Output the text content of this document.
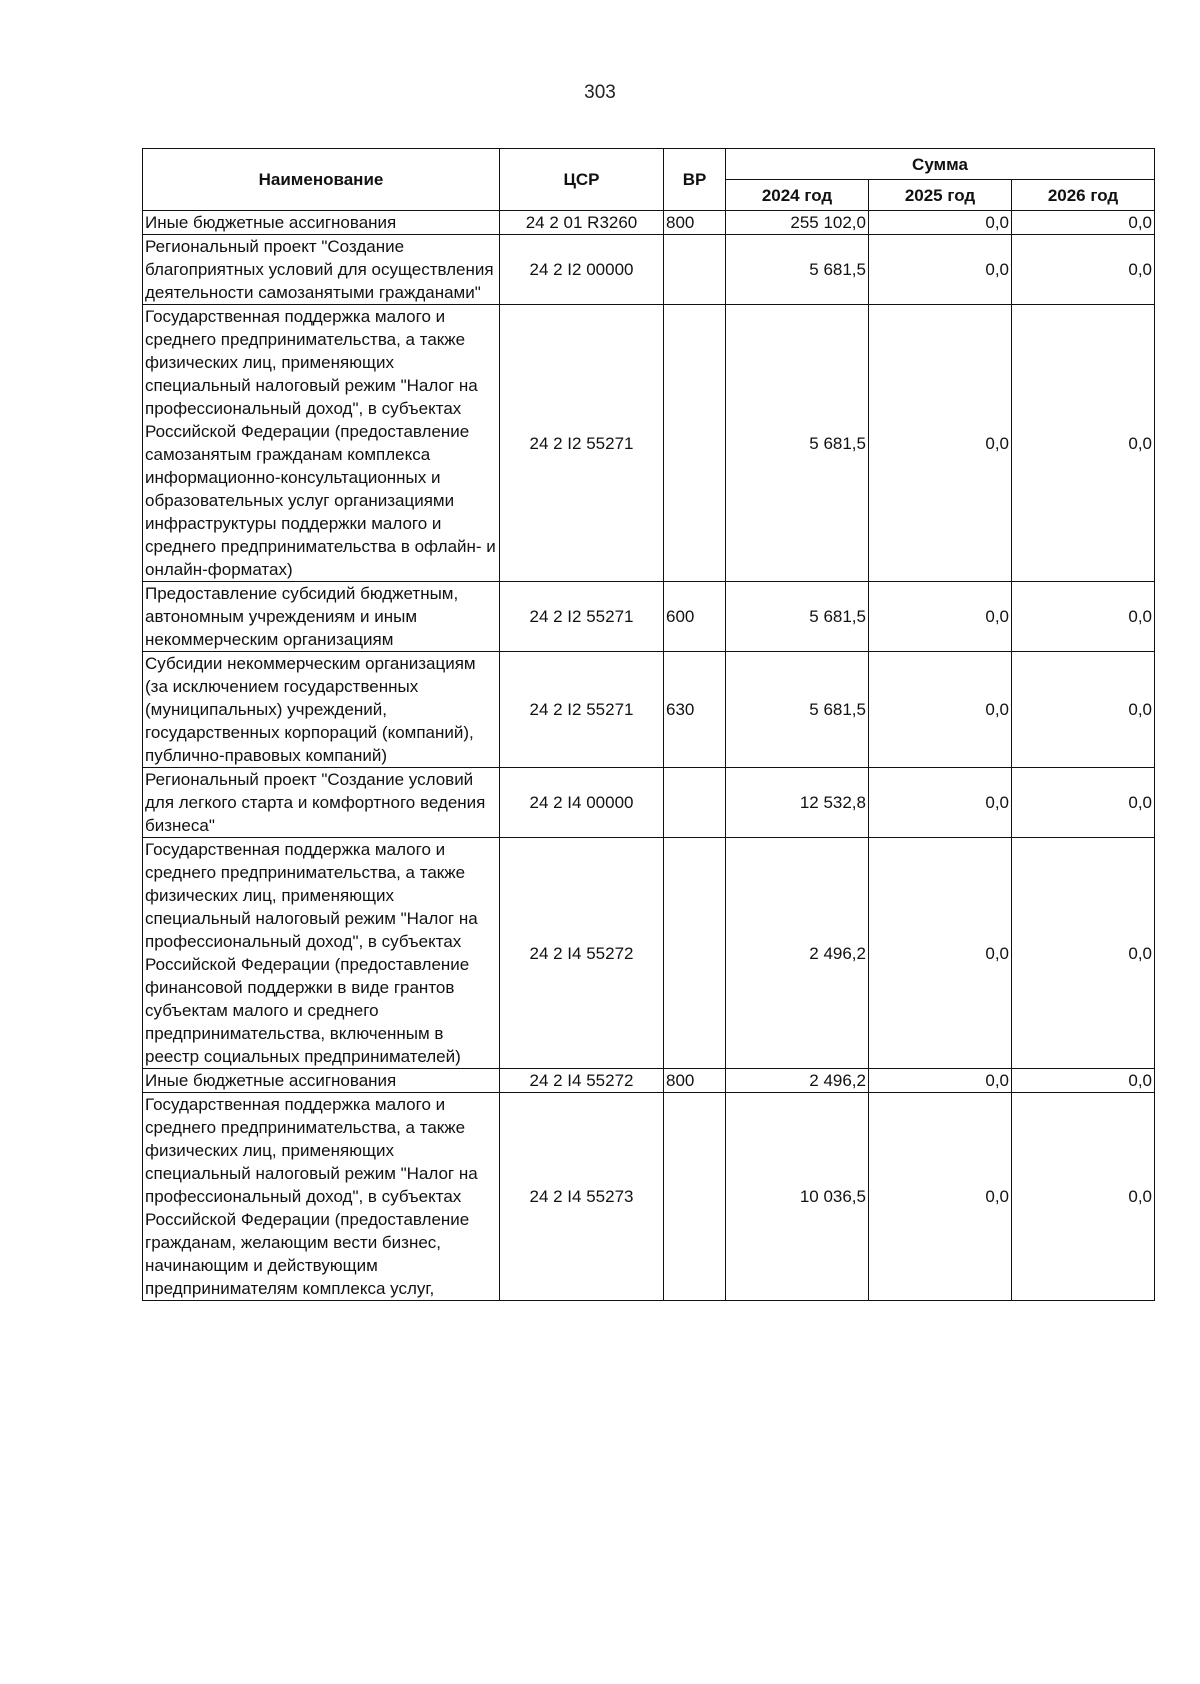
303
Наименование	ЦСР	ВР	Сумма		
			2024 год	2025 год	2026 год
Иные бюджетные ассигнования	24 2 01 R3260	800	255 102,0	0,0	0,0
Региональный проект "Создание благоприятных условий для осуществления деятельности самозанятыми гражданами"	24 2 I2 00000		5 681,5	0,0	0,0
Государственная поддержка малого и среднего предпринимательства, а также физических лиц, применяющих специальный налоговый режим "Налог на профессиональный доход", в субъектах Российской Федерации (предоставление самозанятым гражданам комплекса информационно-консультационных и образовательных услуг организациями инфраструктуры поддержки малого и среднего предпринимательства в офлайн- и онлайн-форматах)	24 2 I2 55271		5 681,5	0,0	0,0
Предоставление субсидий бюджетным, автономным учреждениям и иным некоммерческим организациям	24 2 I2 55271	600	5 681,5	0,0	0,0
Субсидии некоммерческим организациям (за исключением государственных (муниципальных) учреждений, государственных корпораций (компаний), публично-правовых компаний)	24 2 I2 55271	630	5 681,5	0,0	0,0
Региональный проект "Создание условий для легкого старта и комфортного ведения бизнеса"	24 2 I4 00000		12 532,8	0,0	0,0
Государственная поддержка малого и среднего предпринимательства, а также физических лиц, применяющих специальный налоговый режим "Налог на профессиональный доход", в субъектах Российской Федерации (предоставление финансовой поддержки в виде грантов субъектам малого и среднего предпринимательства, включенным в реестр социальных предпринимателей)	24 2 I4 55272		2 496,2	0,0	0,0
Иные бюджетные ассигнования	24 2 I4 55272	800	2 496,2	0,0	0,0
Государственная поддержка малого и среднего предпринимательства, а также физических лиц, применяющих специальный налоговый режим "Налог на профессиональный доход", в субъектах Российской Федерации (предоставление гражданам, желающим вести бизнес, начинающим и действующим предпринимателям комплекса услуг,	24 2 I4 55273		10 036,5	0,0	0,0
